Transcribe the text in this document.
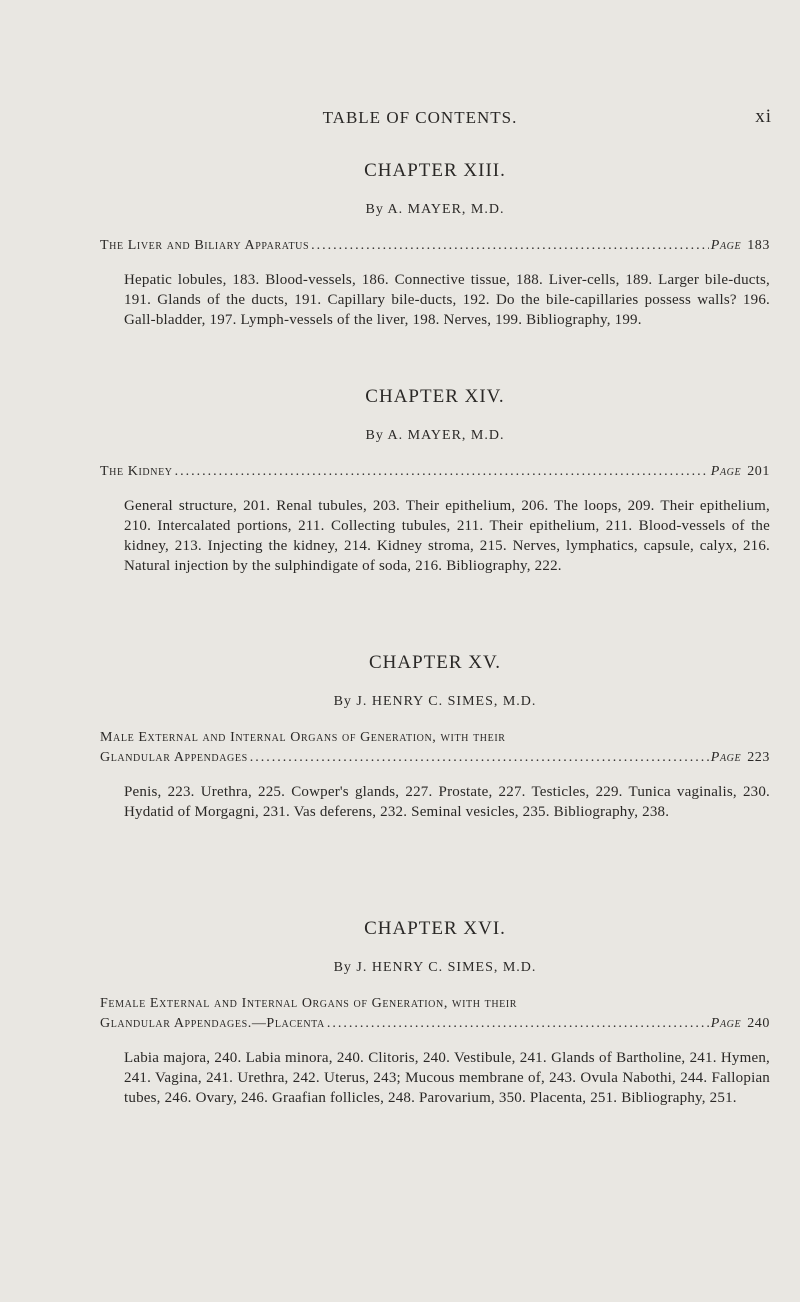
TABLE OF CONTENTS.	xi

CHAPTER XIII.

By A. MAYER, M.D.

The Liver and Biliary Apparatus .....	Page 183

Hepatic lobules, 183. Blood-vessels, 186. Connective tissue, 188. Liver-cells, 189. Larger bile-ducts, 191. Glands of the ducts, 191. Capillary bile-ducts, 192. Do the bile-capillaries possess walls? 196. Gall-bladder, 197. Lymph-vessels of the liver, 198. Nerves, 199. Bibliography, 199.

CHAPTER XIV.

By A. MAYER, M.D.

The Kidney .....	Page 201

General structure, 201. Renal tubules, 203. Their epithelium, 206. The loops, 209. Their epithelium, 210. Intercalated portions, 211. Collecting tubules, 211. Their epithelium, 211. Blood-vessels of the kidney, 213. Injecting the kidney, 214. Kidney stroma, 215. Nerves, lymphatics, capsule, calyx, 216. Natural injection by the sulphindigate of soda, 216. Bibliography, 222.

CHAPTER XV.

By J. HENRY C. SIMES, M.D.

Male External and Internal Organs of Generation, with their
Glandular Appendages .....	Page 223

Penis, 223. Urethra, 225. Cowper's glands, 227. Prostate, 227. Testicles, 229. Tunica vaginalis, 230. Hydatid of Morgagni, 231. Vas deferens, 232. Seminal vesicles, 235. Bibliography, 238.

CHAPTER XVI.

By J. HENRY C. SIMES, M.D.

Female External and Internal Organs of Generation, with their
Glandular Appendages.—Placenta .....	Page 240

Labia majora, 240. Labia minora, 240. Clitoris, 240. Vestibule, 241. Glands of Bartholine, 241. Hymen, 241. Vagina, 241. Urethra, 242. Uterus, 243; Mucous membrane of, 243. Ovula Nabothi, 244. Fallopian tubes, 246. Ovary, 246. Graafian follicles, 248. Parovarium, 350. Placenta, 251. Bibliography, 251.
